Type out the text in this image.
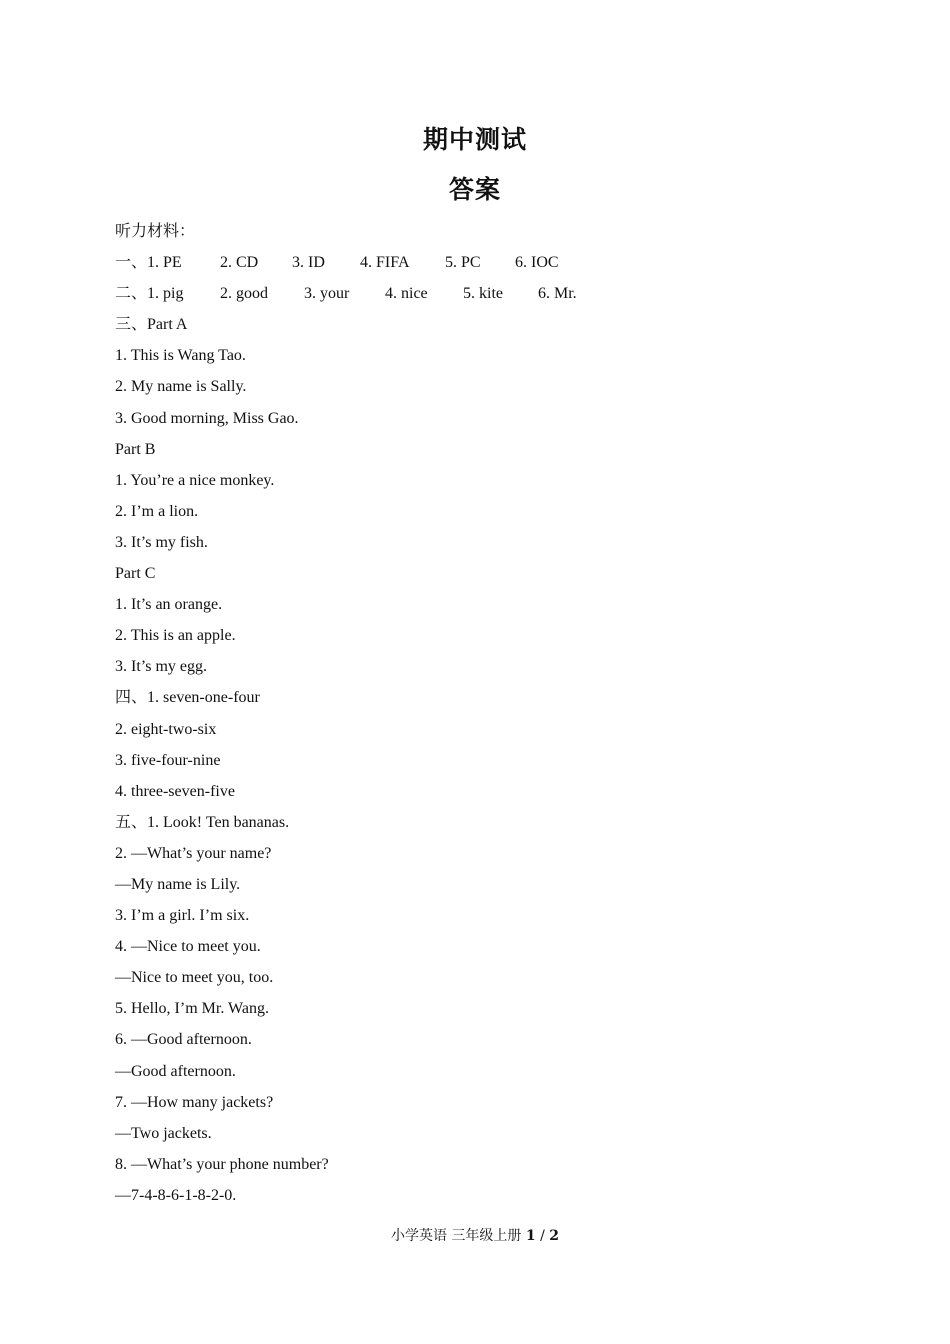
期中测试
答案
听力材料：
一、1. PE 2. CD 3. ID 4. FIFA 5. PC 6. IOC
二、1. pig 2. good 3. your 4. nice 5. kite 6. Mr.
三、Part A
1. This is Wang Tao.
2. My name is Sally.
3. Good morning, Miss Gao.
Part B
1. You’re a nice monkey.
2. I’m a lion.
3. It’s my fish.
Part C
1. It’s an orange.
2. This is an apple.
3. It’s my egg.
四、1. seven-one-four
2. eight-two-six
3. five-four-nine
4. three-seven-five
五、1. Look! Ten bananas.
2. —What’s your name?
—My name is Lily.
3. I’m a girl. I’m six.
4. —Nice to meet you.
—Nice to meet you, too.
5. Hello, I’m Mr. Wang.
6. —Good afternoon.
—Good afternoon.
7. —How many jackets?
—Two jackets.
8. —What’s your phone number?
—7-4-8-6-1-8-2-0.
小学英语 三年级上册 1 / 2
